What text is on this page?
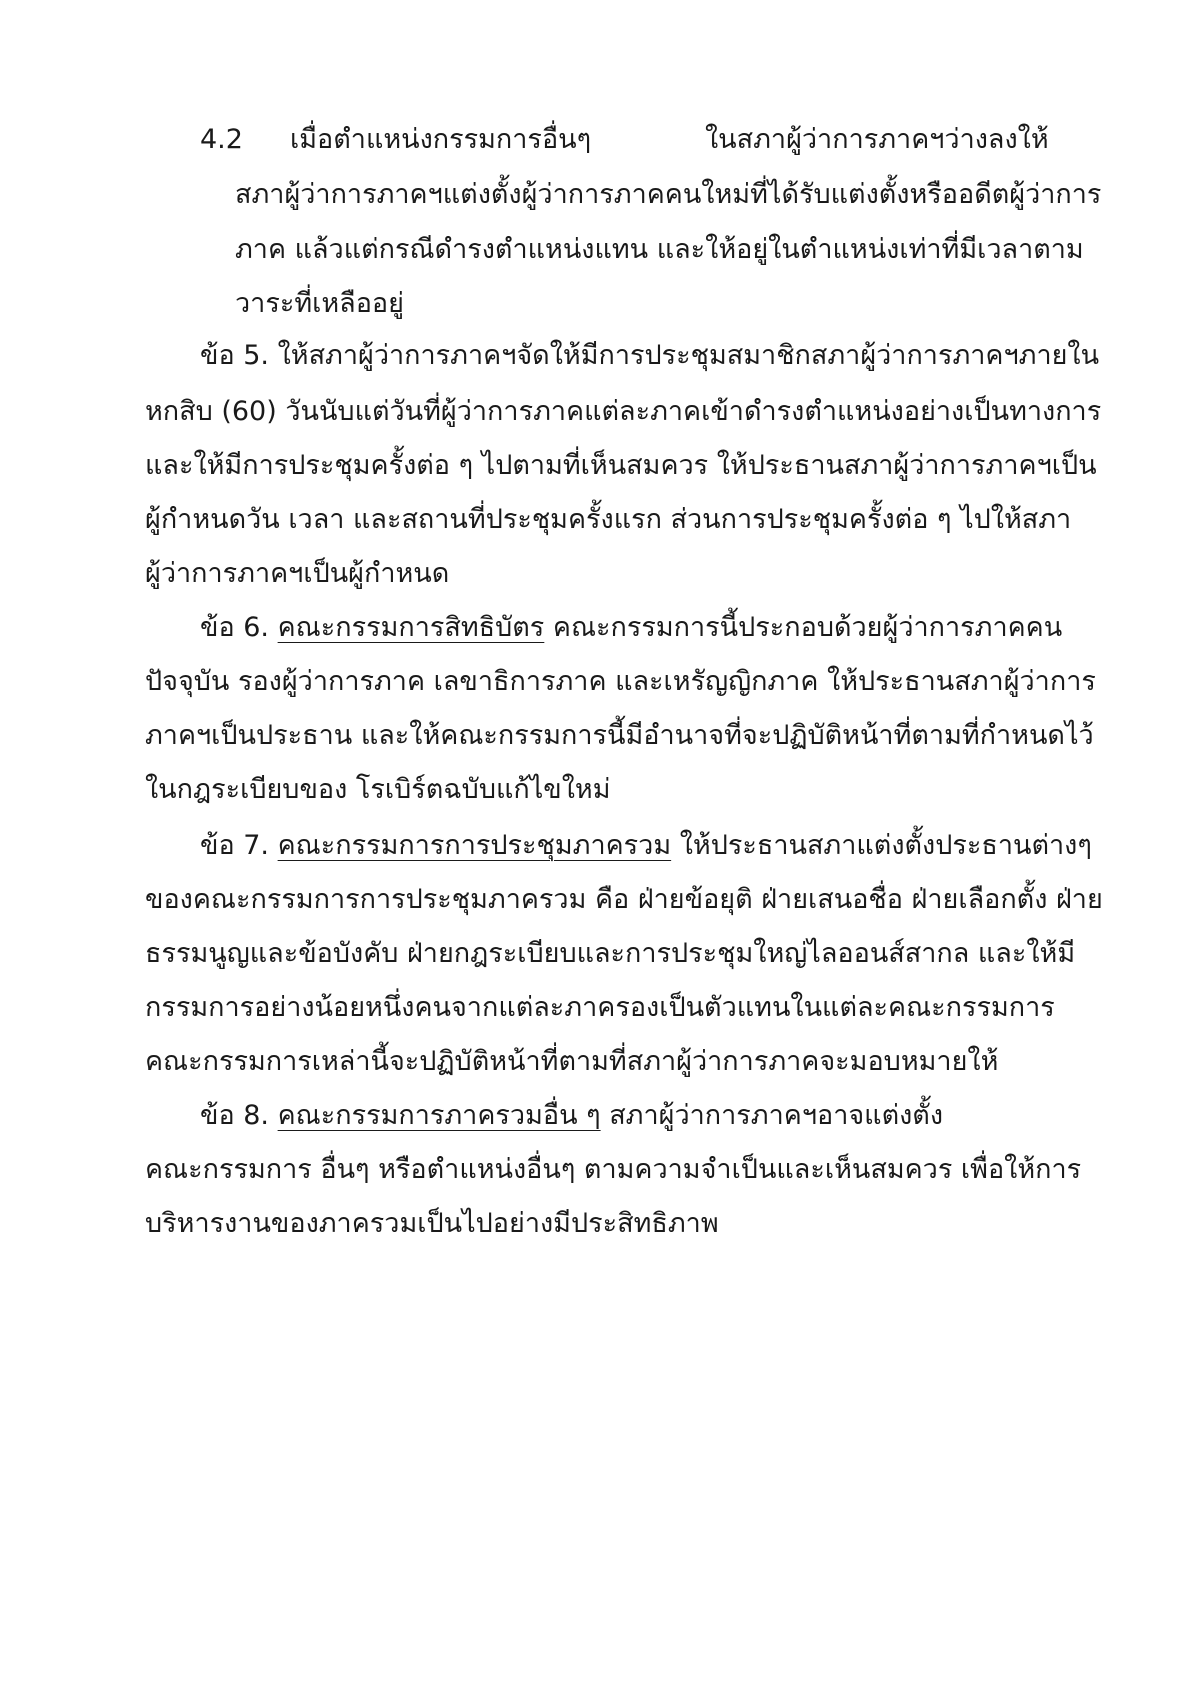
4.2 เมื่อตำแหน่งกรรมการอื่นๆ	ในสภาผู้ว่าการภาคฯว่างลงให้
สภาผู้ว่าการภาคฯแต่งตั้งผู้ว่าการภาคคนใหม่ที่ได้รับแต่งตั้งหรืออดีตผู้ว่าการ
ภาค แล้วแต่กรณีดำรงตำแหน่งแทน และให้อยู่ในตำแหน่งเท่าที่มีเวลาตาม
วาระที่เหลืออยู่
ข้อ 5. ให้สภาผู้ว่าการภาคฯจัดให้มีการประชุมสมาชิกสภาผู้ว่าการภาคฯภายใน
หกสิบ (60) วันนับแต่วันที่ผู้ว่าการภาคแต่ละภาคเข้าดำรงตำแหน่งอย่างเป็นทางการ
และให้มีการประชุมครั้งต่อ ๆ ไปตามที่เห็นสมควร ให้ประธานสภาผู้ว่าการภาคฯเป็น
ผู้กำหนดวัน เวลา และสถานที่ประชุมครั้งแรก ส่วนการประชุมครั้งต่อ ๆ ไปให้สภา
ผู้ว่าการภาคฯเป็นผู้กำหนด
ข้อ 6. คณะกรรมการสิทธิบัตร คณะกรรมการนี้ประกอบด้วยผู้ว่าการภาคคน
ปัจจุบัน รองผู้ว่าการภาค เลขาธิการภาค และเหรัญญิกภาค ให้ประธานสภาผู้ว่าการ
ภาคฯเป็นประธาน และให้คณะกรรมการนี้มีอำนาจที่จะปฏิบัติหน้าที่ตามที่กำหนดไว้
ในกฎระเบียบของ โรเบิร์ตฉบับแก้ไขใหม่
ข้อ 7. คณะกรรมการการประชุมภาครวม ให้ประธานสภาแต่งตั้งประธานต่างๆ
ของคณะกรรมการการประชุมภาครวม คือ ฝ่ายข้อยุติ ฝ่ายเสนอชื่อ ฝ่ายเลือกตั้ง ฝ่าย
ธรรมนูญและข้อบังคับ ฝ่ายกฎระเบียบและการประชุมใหญ่ไลออนส์สากล และให้มี
กรรมการอย่างน้อยหนึ่งคนจากแต่ละภาครองเป็นตัวแทนในแต่ละคณะกรรมการ
คณะกรรมการเหล่านี้จะปฏิบัติหน้าที่ตามที่สภาผู้ว่าการภาคจะมอบหมายให้
ข้อ 8. คณะกรรมการภาครวมอื่น ๆ สภาผู้ว่าการภาคฯอาจแต่งตั้ง
คณะกรรมการ อื่นๆ หรือตำแหน่งอื่นๆ ตามความจำเป็นและเห็นสมควร เพื่อให้การ
บริหารงานของภาครวมเป็นไปอย่างมีประสิทธิภาพ
